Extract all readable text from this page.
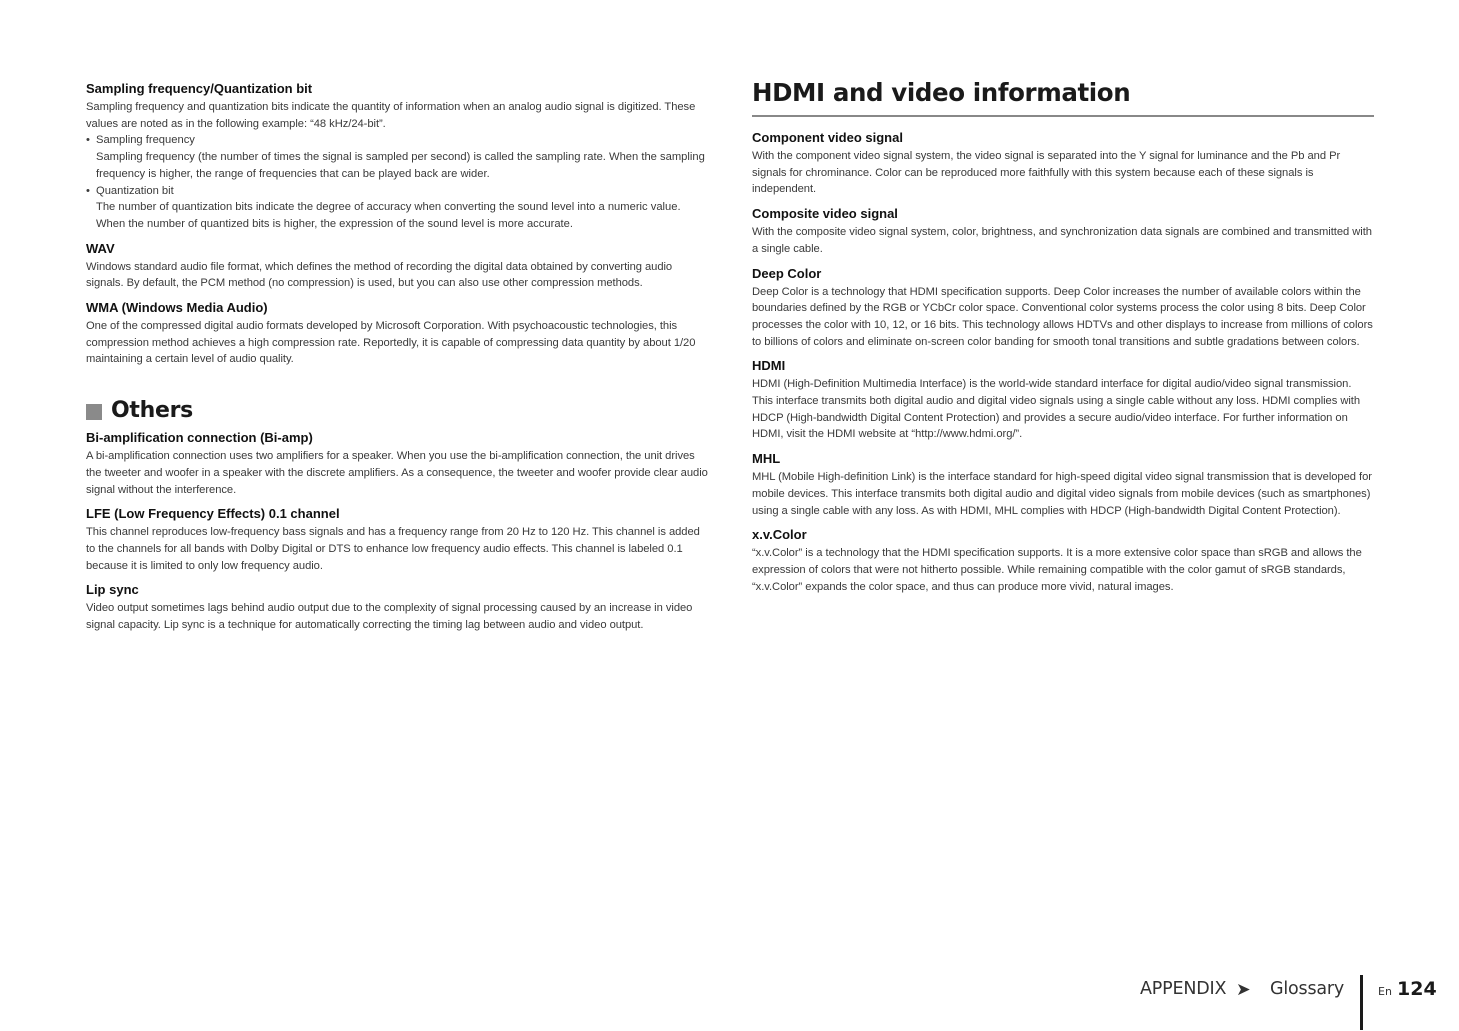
Sampling frequency/Quantization bit

Sampling frequency and quantization bits indicate the quantity of information when an analog audio signal is digitized. These values are noted as in the following example: “48 kHz/24-bit”.

• Sampling frequency
Sampling frequency (the number of times the signal is sampled per second) is called the sampling rate. When the sampling frequency is higher, the range of frequencies that can be played back are wider.
• Quantization bit
The number of quantization bits indicate the degree of accuracy when converting the sound level into a numeric value. When the number of quantized bits is higher, the expression of the sound level is more accurate.

WAV

Windows standard audio file format, which defines the method of recording the digital data obtained by converting audio signals. By default, the PCM method (no compression) is used, but you can also use other compression methods.

WMA (Windows Media Audio)

One of the compressed digital audio formats developed by Microsoft Corporation. With psychoacoustic technologies, this compression method achieves a high compression rate. Reportedly, it is capable of compressing data quantity by about 1/20 maintaining a certain level of audio quality.

Others

Bi-amplification connection (Bi-amp)

A bi-amplification connection uses two amplifiers for a speaker. When you use the bi-amplification connection, the unit drives the tweeter and woofer in a speaker with the discrete amplifiers. As a consequence, the tweeter and woofer provide clear audio signal without the interference.

LFE (Low Frequency Effects) 0.1 channel

This channel reproduces low-frequency bass signals and has a frequency range from 20 Hz to 120 Hz. This channel is added to the channels for all bands with Dolby Digital or DTS to enhance low frequency audio effects. This channel is labeled 0.1 because it is limited to only low frequency audio.

Lip sync

Video output sometimes lags behind audio output due to the complexity of signal processing caused by an increase in video signal capacity. Lip sync is a technique for automatically correcting the timing lag between audio and video output.

HDMI and video information

Component video signal

With the component video signal system, the video signal is separated into the Y signal for luminance and the Pb and Pr signals for chrominance. Color can be reproduced more faithfully with this system because each of these signals is independent.

Composite video signal

With the composite video signal system, color, brightness, and synchronization data signals are combined and transmitted with a single cable.

Deep Color

Deep Color is a technology that HDMI specification supports. Deep Color increases the number of available colors within the boundaries defined by the RGB or YCbCr color space. Conventional color systems process the color using 8 bits. Deep Color processes the color with 10, 12, or 16 bits. This technology allows HDTVs and other displays to increase from millions of colors to billions of colors and eliminate on-screen color banding for smooth tonal transitions and subtle gradations between colors.

HDMI

HDMI (High-Definition Multimedia Interface) is the world-wide standard interface for digital audio/video signal transmission. This interface transmits both digital audio and digital video signals using a single cable without any loss. HDMI complies with HDCP (High-bandwidth Digital Content Protection) and provides a secure audio/video interface. For further information on HDMI, visit the HDMI website at “http://www.hdmi.org/”.

MHL

MHL (Mobile High-definition Link) is the interface standard for high-speed digital video signal transmission that is developed for mobile devices. This interface transmits both digital audio and digital video signals from mobile devices (such as smartphones) using a single cable with any loss. As with HDMI, MHL complies with HDCP (High-bandwidth Digital Content Protection).

x.v.Color

“x.v.Color” is a technology that the HDMI specification supports. It is a more extensive color space than sRGB and allows the expression of colors that were not hitherto possible. While remaining compatible with the color gamut of sRGB standards, “x.v.Color” expands the color space, and thus can produce more vivid, natural images.

APPENDIX ➤ Glossary	En 124
